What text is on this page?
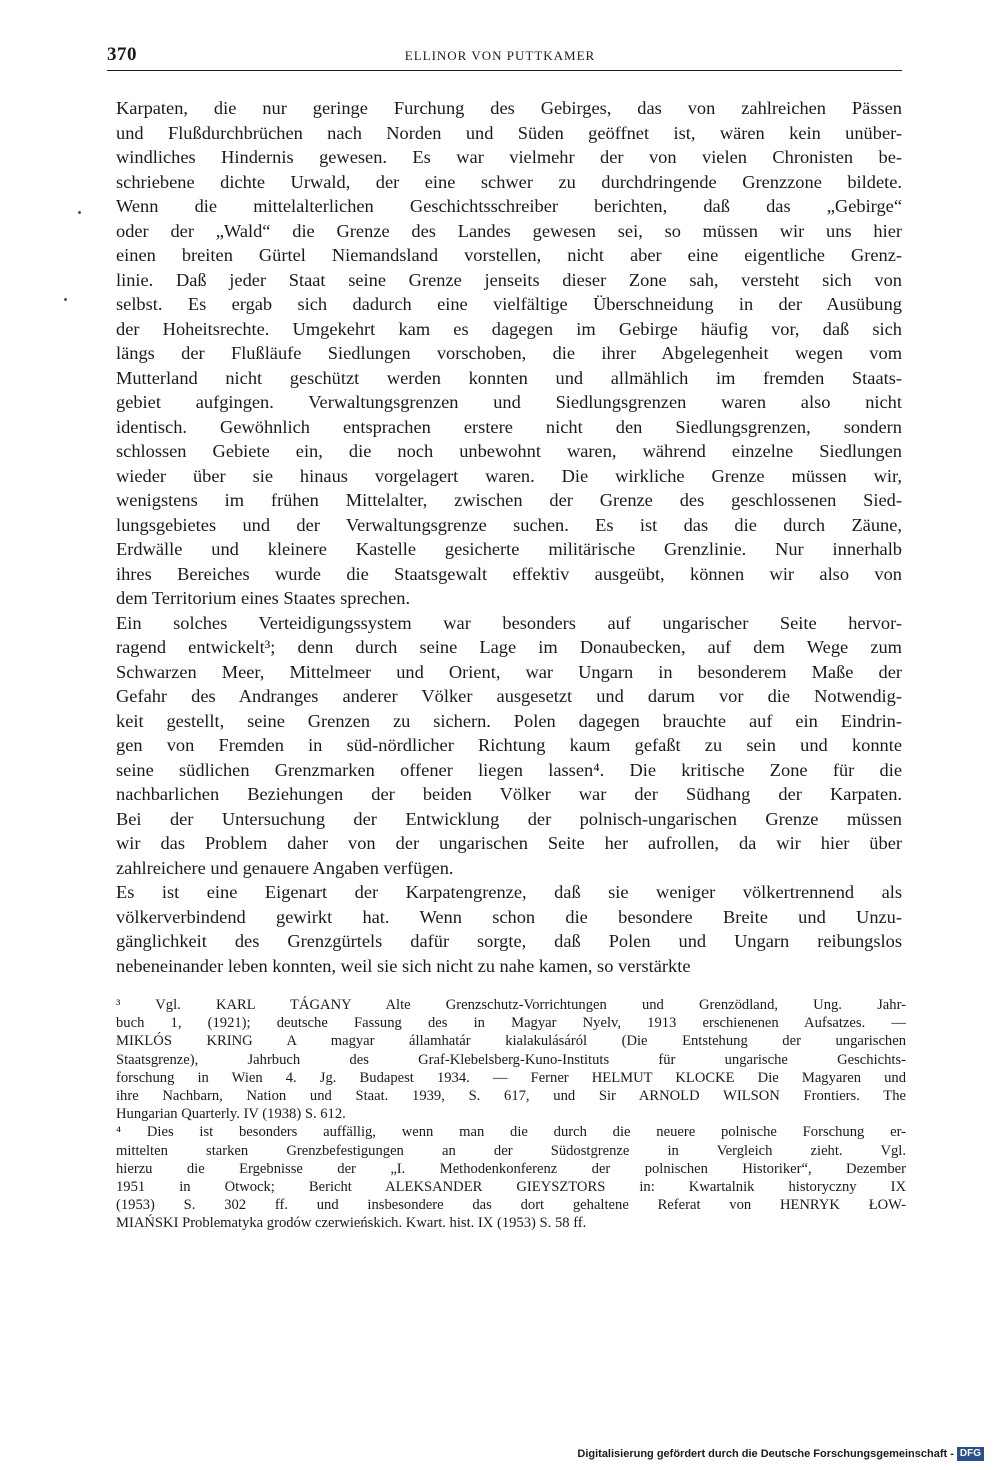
370	ELLINOR VON PUTTKAMER
Karpaten, die nur geringe Furchung des Gebirges, das von zahlreichen Pässen
und Flußdurchbrüchen nach Norden und Süden geöffnet ist, wären kein unüber-
windliches Hindernis gewesen. Es war vielmehr der von vielen Chronisten be-
schriebene dichte Urwald, der eine schwer zu durchdringende Grenzzone bildete.
Wenn die mittelalterlichen Geschichtsschreiber berichten, daß das „Gebirge“
oder der „Wald“ die Grenze des Landes gewesen sei, so müssen wir uns hier
einen breiten Gürtel Niemandsland vorstellen, nicht aber eine eigentliche Grenz-
linie. Daß jeder Staat seine Grenze jenseits dieser Zone sah, versteht sich von
selbst. Es ergab sich dadurch eine vielfältige Überschneidung in der Ausübung
der Hoheitsrechte. Umgekehrt kam es dagegen im Gebirge häufig vor, daß sich
längs der Flußläufe Siedlungen vorschoben, die ihrer Abgelegenheit wegen vom
Mutterland nicht geschützt werden konnten und allmählich im fremden Staats-
gebiet aufgingen. Verwaltungsgrenzen und Siedlungsgrenzen waren also nicht
identisch. Gewöhnlich entsprachen erstere nicht den Siedlungsgrenzen, sondern
schlossen Gebiete ein, die noch unbewohnt waren, während einzelne Siedlungen
wieder über sie hinaus vorgelagert waren. Die wirkliche Grenze müssen wir,
wenigstens im frühen Mittelalter, zwischen der Grenze des geschlossenen Sied-
lungsgebietes und der Verwaltungsgrenze suchen. Es ist das die durch Zäune,
Erdwälle und kleinere Kastelle gesicherte militärische Grenzlinie. Nur innerhalb
ihres Bereiches wurde die Staatsgewalt effektiv ausgeübt, können wir also von
dem Territorium eines Staates sprechen.
Ein solches Verteidigungssystem war besonders auf ungarischer Seite hervor-
ragend entwickelt³; denn durch seine Lage im Donaubecken, auf dem Wege zum
Schwarzen Meer, Mittelmeer und Orient, war Ungarn in besonderem Maße der
Gefahr des Andranges anderer Völker ausgesetzt und darum vor die Notwendig-
keit gestellt, seine Grenzen zu sichern. Polen dagegen brauchte auf ein Eindrin-
gen von Fremden in süd-nördlicher Richtung kaum gefaßt zu sein und konnte
seine südlichen Grenzmarken offener liegen lassen⁴. Die kritische Zone für die
nachbarlichen Beziehungen der beiden Völker war der Südhang der Karpaten.
Bei der Untersuchung der Entwicklung der polnisch-ungarischen Grenze müssen
wir das Problem daher von der ungarischen Seite her aufrollen, da wir hier über
zahlreichere und genauere Angaben verfügen.
Es ist eine Eigenart der Karpatengrenze, daß sie weniger völkertrennend als
völkerverbindend gewirkt hat. Wenn schon die besondere Breite und Unzu-
gänglichkeit des Grenzgürtels dafür sorgte, daß Polen und Ungarn reibungslos
nebeneinander leben konnten, weil sie sich nicht zu nahe kamen, so verstärkte
³ Vgl. KARL TÁGANY Alte Grenzschutz-Vorrichtungen und Grenzödland, Ung. Jahr-
buch 1, (1921); deutsche Fassung des in Magyar Nyelv, 1913 erschienenen Aufsatzes. —
MIKLÓS KRING A magyar államhatár kialakulásáról (Die Entstehung der ungarischen
Staatsgrenze), Jahrbuch des Graf-Klebelsberg-Kuno-Instituts für ungarische Geschichts-
forschung in Wien 4. Jg. Budapest 1934. — Ferner HELMUT KLOCKE Die Magyaren und
ihre Nachbarn, Nation und Staat. 1939, S. 617, und Sir ARNOLD WILSON Frontiers. The
Hungarian Quarterly. IV (1938) S. 612.
⁴ Dies ist besonders auffällig, wenn man die durch die neuere polnische Forschung er-
mittelten starken Grenzbefestigungen an der Südostgrenze in Vergleich zieht. Vgl.
hierzu die Ergebnisse der „I. Methodenkonferenz der polnischen Historiker“, Dezember
1951 in Otwock; Bericht ALEKSANDER GIEYSZTORS in: Kwartalnik historyczny IX
(1953) S. 302 ff. und insbesondere das dort gehaltene Referat von HENRYK ŁOW-
MIAŃSKI Problematyka grodów czerwieńskich. Kwart. hist. IX (1953) S. 58 ff.
Digitalisierung gefördert durch die Deutsche Forschungsgemeinschaft - DFG
